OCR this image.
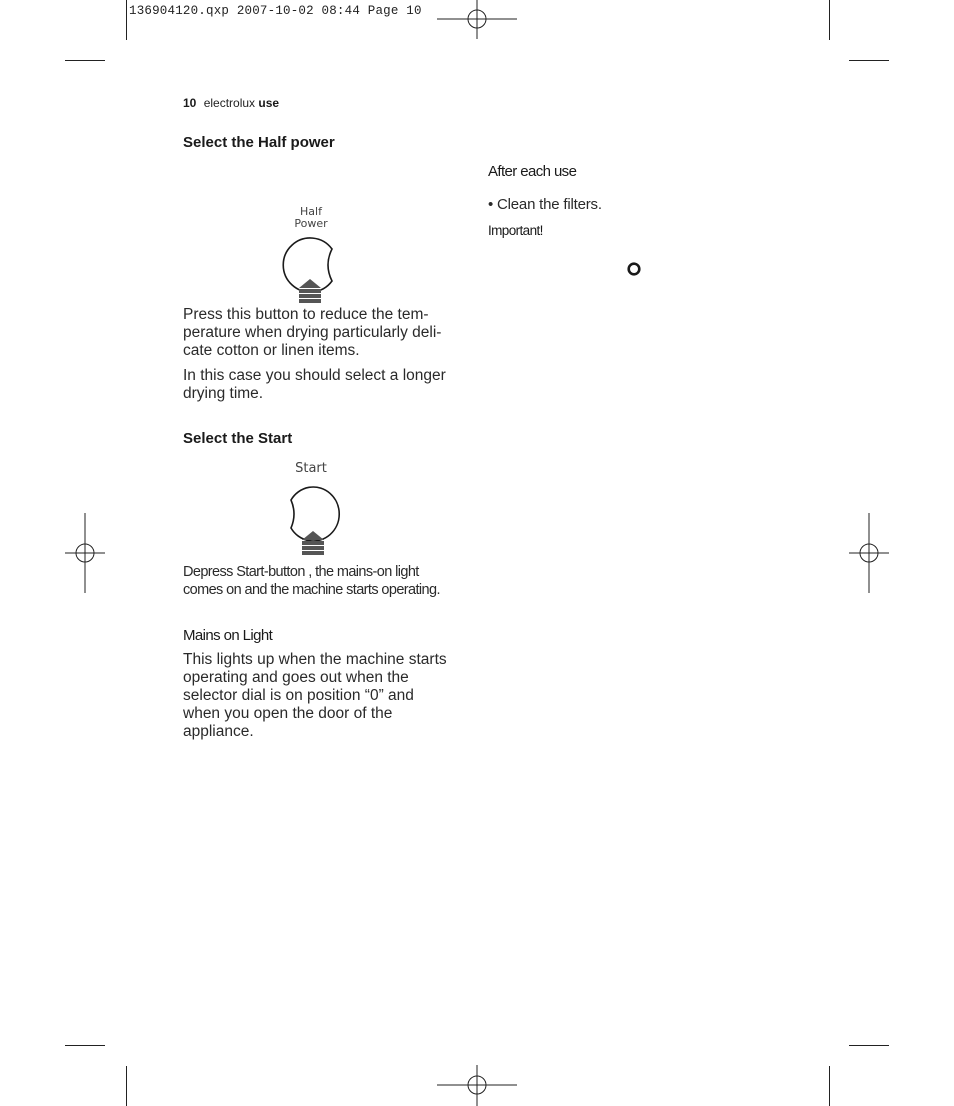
136904120.qxp 2007-10-02 08:44 Page 10
10 electrolux use
Select the Half power
Half
Power

Press this button to reduce the tem-

perature when drying particularly deli-

cate cotton or linen items.

In this case you should select a longer

drying time.

Select the Start
Start

Depress Start-button , the mains-on light

comes on and the machine starts operating.

Mains on Light

This lights up when the machine starts

operating and goes out when the

selector dial is on position “0” and

when you open the door of the

appliance.

After each use
• Clean the filters.
Important!
